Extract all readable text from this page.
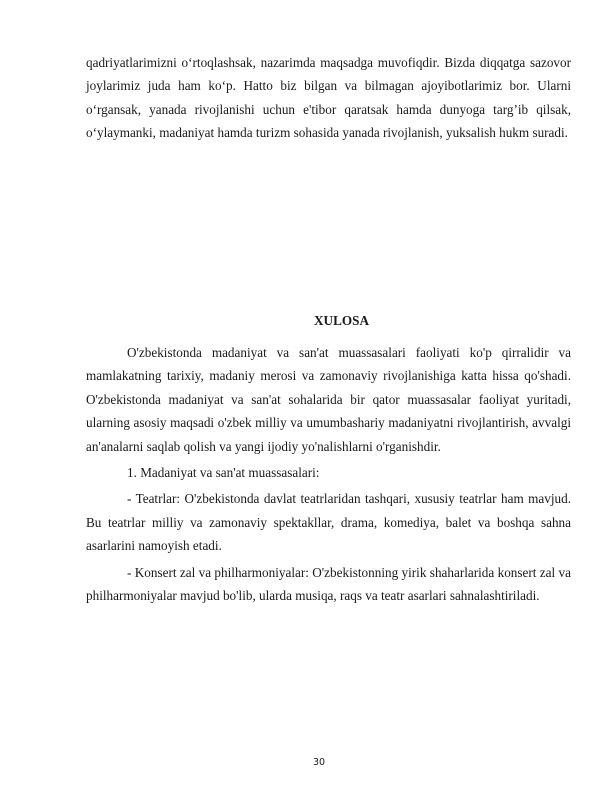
qadriyatlarimizni o‘rtoqlashsak, nazarimda maqsadga muvofiqdir. Bizda diqqatga sazovor joylarimiz juda ham ko‘p. Hatto biz bilgan va bilmagan ajoyibotlarimiz bor. Ularni o‘rgansak, yanada rivojlanishi uchun e'tibor qaratsak hamda dunyoga targ’ib qilsak, o‘ylaymanki, madaniyat hamda turizm sohasida yanada rivojlanish, yuksalish hukm suradi.

XULOSA

O'zbekistonda madaniyat va san'at muassasalari faoliyati ko'p qirralidir va mamlakatning tarixiy, madaniy merosi va zamonaviy rivojlanishiga katta hissa qo'shadi. O'zbekistonda madaniyat va san'at sohalarida bir qator muassasalar faoliyat yuritadi, ularning asosiy maqsadi o'zbek milliy va umumbashariy madaniyatni rivojlantirish, avvalgi an'analarni saqlab qolish va yangi ijodiy yo'nalishlarni o'rganishdir.

1. Madaniyat va san'at muassasalari:

- Teatrlar: O'zbekistonda davlat teatrlaridan tashqari, xususiy teatrlar ham mavjud. Bu teatrlar milliy va zamonaviy spektakllar, drama, komediya, balet va boshqa sahna asarlarini namoyish etadi.

- Konsert zal va philharmoniyalar: O'zbekistonning yirik shaharlarida konsert zal va philharmoniyalar mavjud bo'lib, ularda musiqa, raqs va teatr asarlari sahnalashtiriladi.

30
